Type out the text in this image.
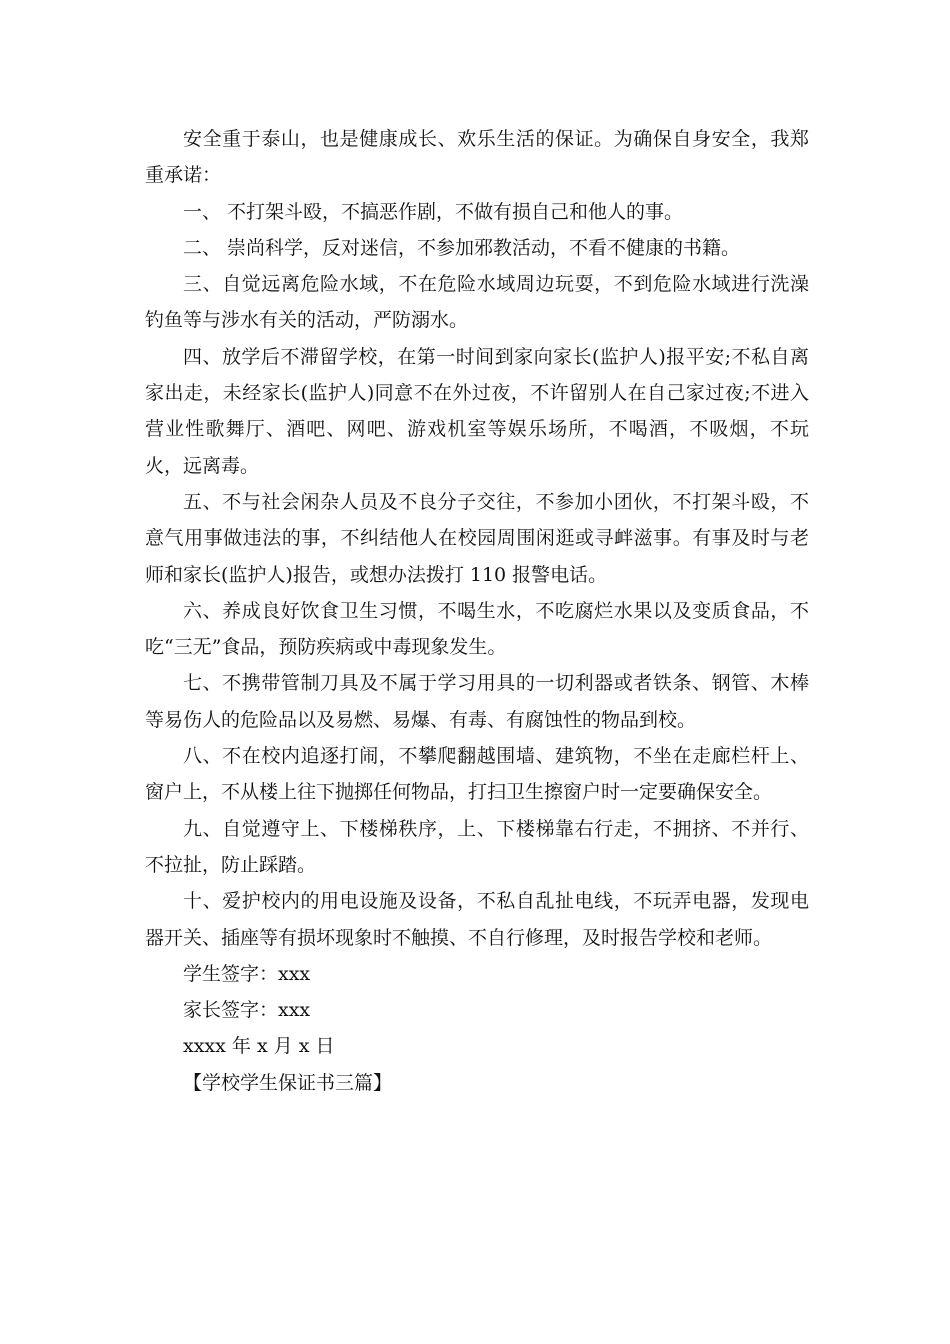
安全重于泰山，也是健康成长、欢乐生活的保证。为确保自身安全，我郑重承诺：

一、 不打架斗殴，不搞恶作剧，不做有损自己和他人的事。

二、 崇尚科学，反对迷信，不参加邪教活动，不看不健康的书籍。

三、自觉远离危险水域，不在危险水域周边玩耍，不到危险水域进行洗澡钓鱼等与涉水有关的活动，严防溺水。

四、放学后不滞留学校，在第一时间到家向家长(监护人)报平安;不私自离家出走，未经家长(监护人)同意不在外过夜，不许留别人在自己家过夜;不进入营业性歌舞厅、酒吧、网吧、游戏机室等娱乐场所，不喝酒，不吸烟，不玩火，远离毒。

五、不与社会闲杂人员及不良分子交往，不参加小团伙，不打架斗殴，不意气用事做违法的事，不纠结他人在校园周围闲逛或寻衅滋事。有事及时与老师和家长(监护人)报告，或想办法拨打 110 报警电话。

六、养成良好饮食卫生习惯，不喝生水，不吃腐烂水果以及变质食品，不吃“三无”食品，预防疾病或中毒现象发生。

七、不携带管制刀具及不属于学习用具的一切利器或者铁条、钢管、木棒等易伤人的危险品以及易燃、易爆、有毒、有腐蚀性的物品到校。

八、不在校内追逐打闹，不攀爬翻越围墙、建筑物，不坐在走廊栏杆上、窗户上，不从楼上往下抛掷任何物品，打扫卫生擦窗户时一定要确保安全。

九、自觉遵守上、下楼梯秩序，上、下楼梯靠右行走，不拥挤、不并行、不拉扯，防止踩踏。

十、爱护校内的用电设施及设备，不私自乱扯电线，不玩弄电器，发现电器开关、插座等有损坏现象时不触摸、不自行修理，及时报告学校和老师。

学生签字：xxx

家长签字：xxx

xxxx 年 x 月 x 日

【学校学生保证书三篇】
